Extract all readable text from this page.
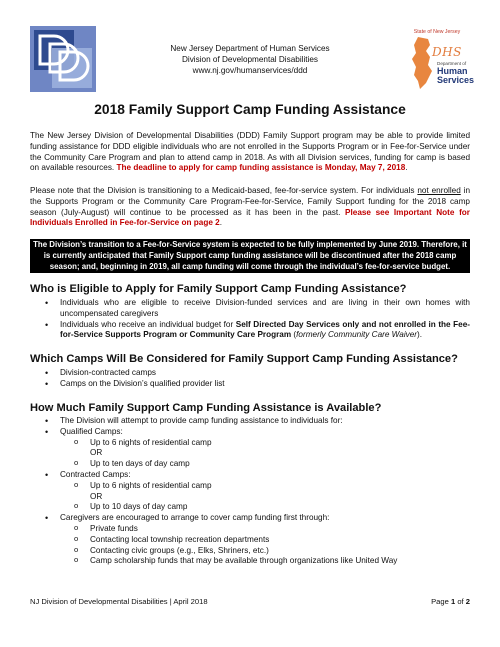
New Jersey Department of Human Services
Division of Developmental Disabilities
www.nj.gov/humanservices/ddd
State of New Jersey
DHS
Department of
Human
Services
2018 Family Support Camp Funding Assistance

The New Jersey Division of Developmental Disabilities (DDD) Family Support program may be able to provide limited funding assistance for DDD eligible individuals who are not enrolled in the Supports Program or in Fee-for-Service under the Community Care Program and plan to attend camp in 2018. As with all Division services, funding for camp is based on available resources. The deadline to apply for camp funding assistance is Monday, May 7, 2018.

Please note that the Division is transitioning to a Medicaid-based, fee-for-service system. For individuals not enrolled in the Supports Program or the Community Care Program-Fee-for-Service, Family Support funding for the 2018 camp season (July-August) will continue to be processed as it has been in the past. Please see Important Note for Individuals Enrolled in Fee-for-Service on page 2.

The Division’s transition to a Fee-for-Service system is expected to be fully implemented by June 2019. Therefore, it is currently anticipated that Family Support camp funding assistance will be discontinued after the 2018 camp season; and, beginning in 2019, all camp funding will come through the individual’s fee-for-service budget.
Who is Eligible to Apply for Family Support Camp Funding Assistance?
• Individuals who are eligible to receive Division-funded services and are living in their own homes with uncompensated caregivers
• Individuals who receive an individual budget for Self Directed Day Services only and not enrolled in the Fee-for-Service Supports Program or Community Care Program (formerly Community Care Waiver).
Which Camps Will Be Considered for Family Support Camp Funding Assistance?
• Division-contracted camps
• Camps on the Division’s qualified provider list
How Much Family Support Camp Funding Assistance is Available?
• The Division will attempt to provide camp funding assistance to individuals for:
• Qualified Camps:
o Up to 6 nights of residential camp
OR
o Up to ten days of day camp
• Contracted Camps:
o Up to 6 nights of residential camp
OR
o Up to 10 days of day camp
• Caregivers are encouraged to arrange to cover camp funding first through:
o Private funds
o Contacting local township recreation departments
o Contacting civic groups (e.g., Elks, Shriners, etc.)
o Camp scholarship funds that may be available through organizations like United Way
NJ Division of Developmental Disabilities | April 2018	Page 1 of 2
